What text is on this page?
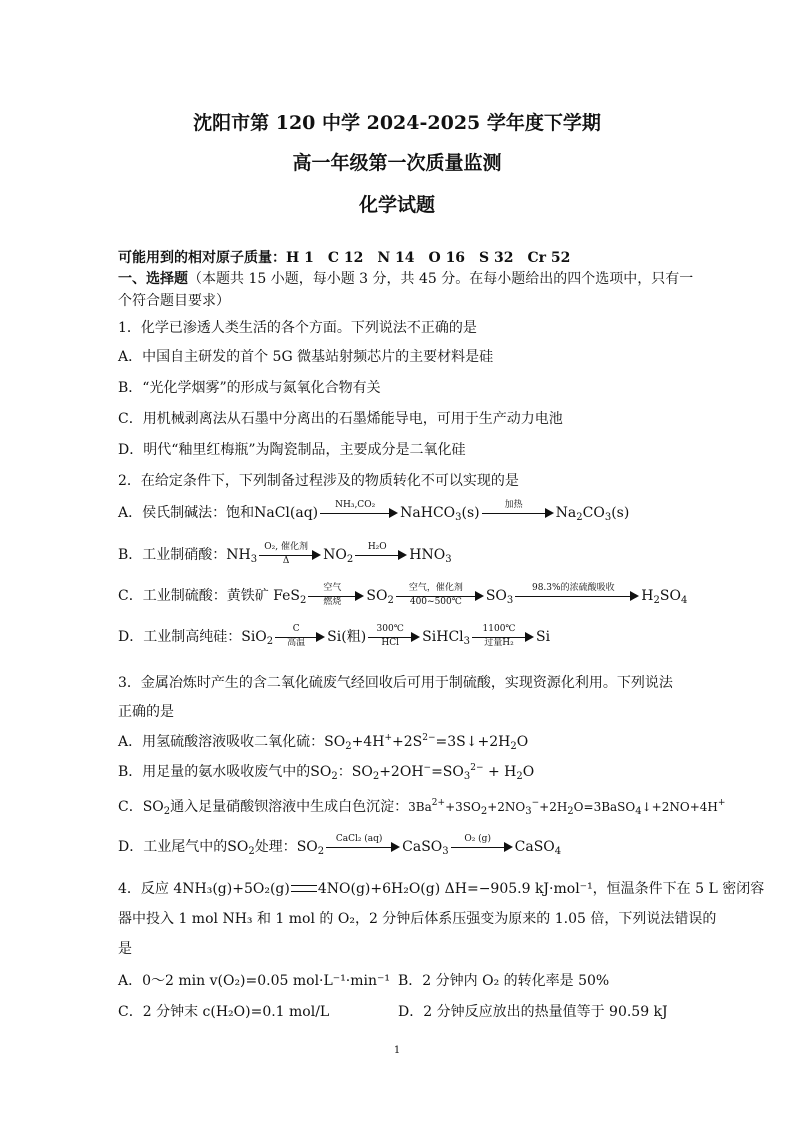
沈阳市第 120 中学 2024-2025 学年度下学期
高一年级第一次质量监测
化学试题
可能用到的相对原子质量：H 1　C 12　N 14　O 16　S 32　Cr 52
一、选择题（本题共 15 小题，每小题 3 分，共 45 分。在每小题给出的四个选项中，只有一
个符合题目要求）
1．化学已渗透人类生活的各个方面。下列说法不正确的是
A．中国自主研发的首个 5G 微基站射频芯片的主要材料是硅
B．“光化学烟雾”的形成与氮氧化合物有关
C．用机械剥离法从石墨中分离出的石墨烯能导电，可用于生产动力电池
D．明代“釉里红梅瓶”为陶瓷制品，主要成分是二氧化硅
2．在给定条件下，下列制备过程涉及的物质转化不可以实现的是
A．侯氏制碱法：饱和NaCl(aq)	NH₃,CO₂	NaHCO$_3$(s)	加热	$Na_2CO_3(s)$
B．工业制硝酸：$NH_3$
O₂, 催化剂
Δ	$NO_2$
H₂O	$HNO_3$
C．工业制硫酸：黄铁矿 FeS$_2$
空气
燃烧	$SO_2$
空气，催化剂
400~500℃	$SO_3$
98.3%的浓硫酸吸收	$H_2SO_4$
D．工业制高纯硅：SiO$_2$
C
高温	Si(粗)	300℃
HCl	SiHCl$_3$
1100℃
过量H₂	Si
3．金属冶炼时产生的含二氧化硫废气经回收后可用于制硫酸，实现资源化利用。下列说法
正确的是
A．用氢硫酸溶液吸收二氧化硫：$SO_2+4H^++2S^{2-}=3S↓+2H_2O$
B．用足量的氨水吸收废气中的$SO_2$：$SO_2+2OH^-=SO_3^{2-} + H_2O$
C．$SO_2$通入足量硝酸钡溶液中生成白色沉淀：$3Ba^{2+}+3SO_2+2NO_3^-+2H_2O=3BaSO_4↓+2NO+4H^+$
D．工业尾气中的$SO_2$处理：$SO_2$
CaCl₂ (aq)	CaSO$_3$
O₂ (g)	CaSO$_4$
4．反应 4NH₃(g)+5O₂(g) 4NO(g)+6H₂O(g) ΔH=−905.9 kJ·mol⁻¹，恒温条件下在 5 L 密闭容
器中投入 1 mol NH₃ 和 1 mol 的 O₂，2 分钟后体系压强变为原来的 1.05 倍，下列说法错误的
是
A．0～2 min v(O₂)=0.05 mol·L⁻¹·min⁻¹ B．2 分钟内 O₂ 的转化率是 50%
C．2 分钟末 c(H₂O)=0.1 mol/L	D．2 分钟反应放出的热量值等于 90.59 kJ
1
